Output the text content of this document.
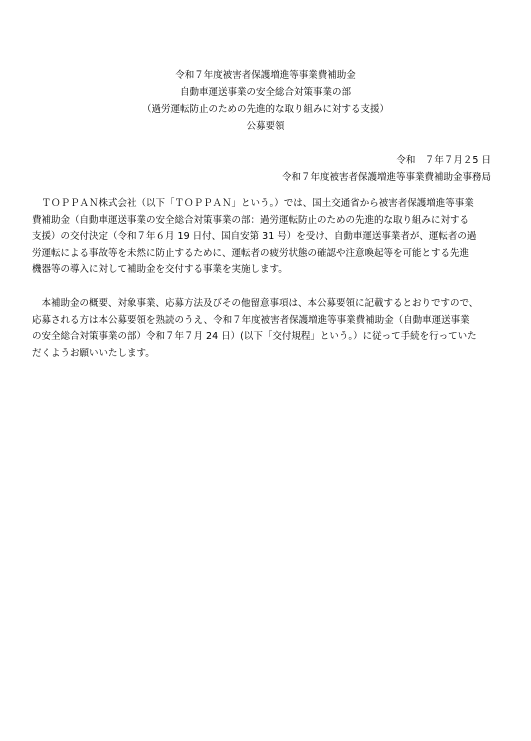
令和７年度被害者保護増進等事業費補助金
自動車運送事業の安全総合対策事業の部
（過労運転防止のための先進的な取り組みに対する支援）
公募要領
令和　７年７月２5 日
令和７年度被害者保護増進等事業費補助金事務局
　ＴＯＰＰＡＮ株式会社（以下「ＴＯＰＰＡＮ」という。）では、国土交通省から被害者保護増進等事業
費補助金（自動車運送事業の安全総合対策事業の部：過労運転防止のための先進的な取り組みに対する
支援）の交付決定（令和７年６月 19 日付、国自安第 31 号）を受け、自動車運送事業者が、運転者の過
労運転による事故等を未然に防止するために、運転者の疲労状態の確認や注意喚起等を可能とする先進
機器等の導入に対して補助金を交付する事業を実施します。
　本補助金の概要、対象事業、応募方法及びその他留意事項は、本公募要領に記載するとおりですので、
応募される方は本公募要領を熟読のうえ、令和７年度被害者保護増進等事業費補助金（自動車運送事業
の安全総合対策事業の部）令和７年７月 24 日）(以下「交付規程」という。）に従って手続を行っていた
だくようお願いいたします。
